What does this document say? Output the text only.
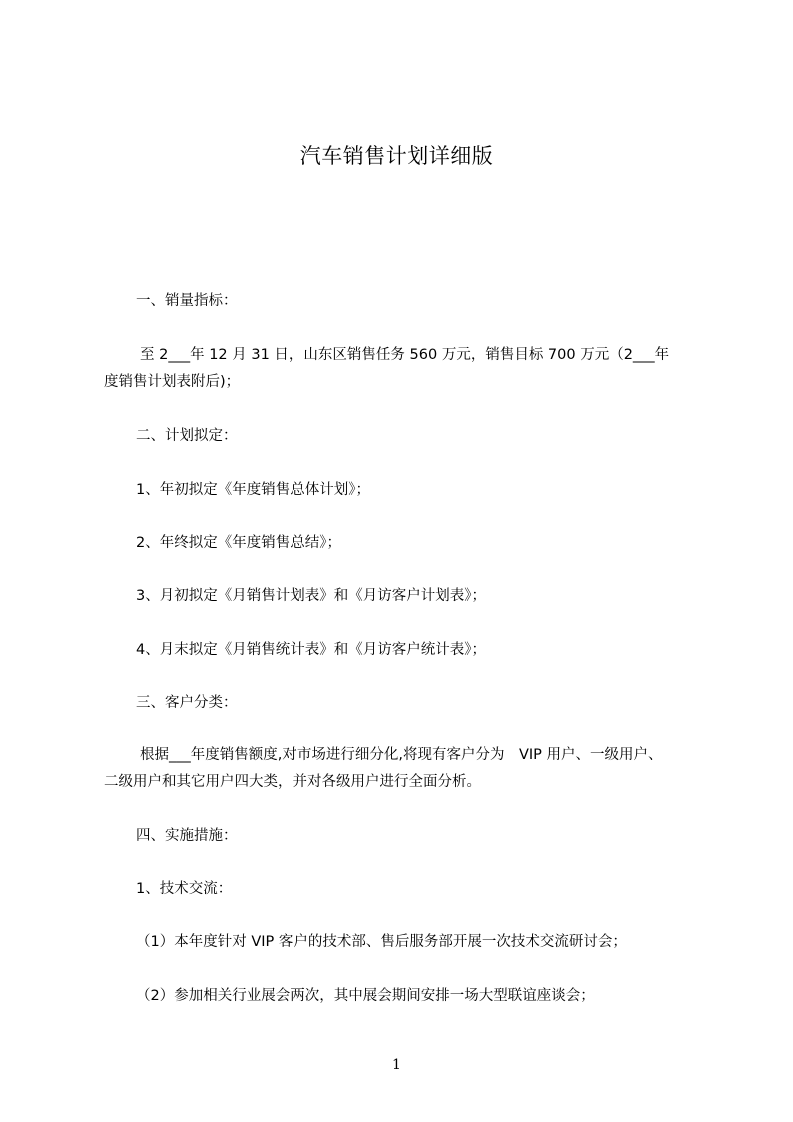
汽车销售计划详细版
一、销量指标：
至 2___年 12 月 31 日，山东区销售任务 560 万元，销售目标 700 万元（2___年
度销售计划表附后)；
二、计划拟定：
1、年初拟定《年度销售总体计划》；
2、年终拟定《年度销售总结》；
3、月初拟定《月销售计划表》和《月访客户计划表》；
4、月末拟定《月销售统计表》和《月访客户统计表》；
三、客户分类：
根据___年度销售额度,对市场进行细分化,将现有客户分为　VIP 用户、一级用户、
二级用户和其它用户四大类，并对各级用户进行全面分析。
四、实施措施：
1、技术交流：
（1）本年度针对 VIP 客户的技术部、售后服务部开展一次技术交流研讨会；
（2）参加相关行业展会两次，其中展会期间安排一场大型联谊座谈会；
1
